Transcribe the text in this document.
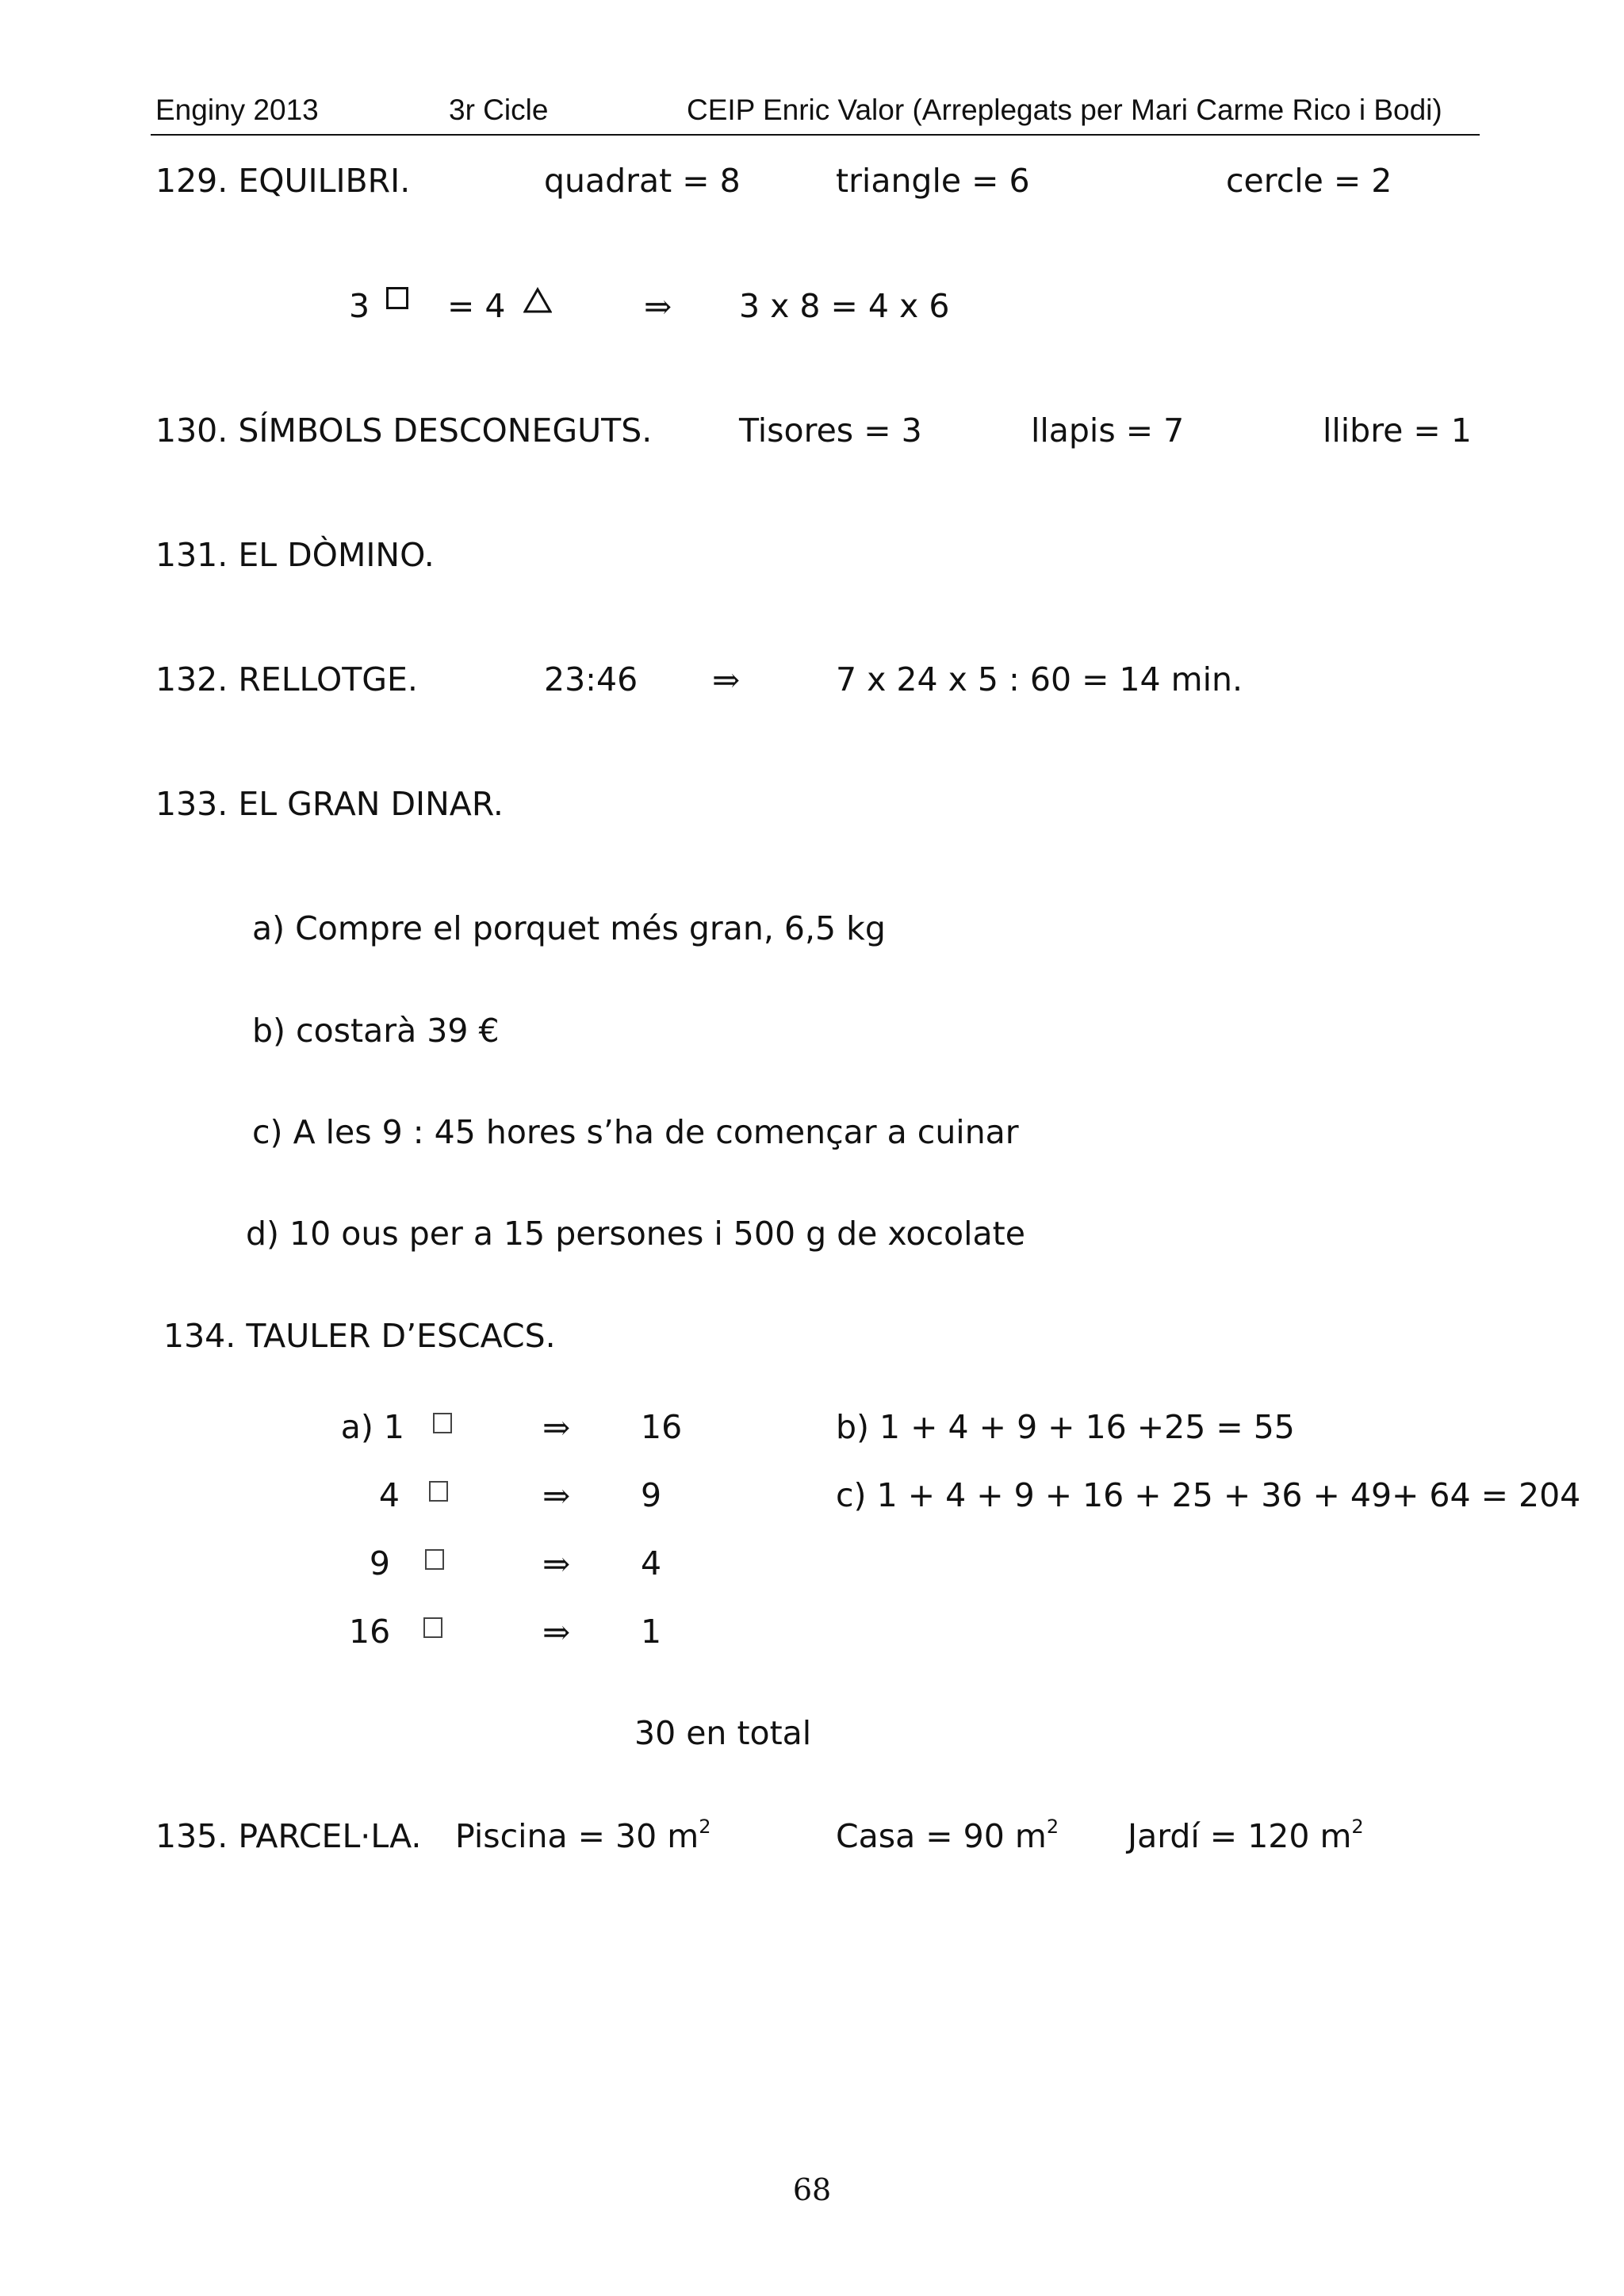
Enginy 2013	3r Cicle	CEIP Enric Valor (Arreplegats per Mari Carme Rico i Bodi)
129. EQUILIBRI.	quadrat = 8	triangle = 6	cercle = 2
3 = 4	⇒ 3 x 8 = 4 x 6
130. SÍMBOLS DESCONEGUTS.	Tisores = 3	llapis = 7	llibre = 1
131. EL DÒMINO.
132. RELLOTGE.	23:46 ⇒	7 x 24 x 5 : 60 = 14 min.
133. EL GRAN DINAR.
a) Compre el porquet més gran, 6,5 kg
b) costarà 39 €
c) A les 9 : 45 hores s’ha de començar a cuinar
d) 10 ous per a 15 persones i 500 g de xocolate
134. TAULER D’ESCACS.
a) 1	⇒ 16
4	⇒ 9
9	⇒ 4
16	⇒ 1
b) 1 + 4 + 9 + 16 +25 = 55
c) 1 + 4 + 9 + 16 + 25 + 36 + 49+ 64 = 204
30 en total
135. PARCEL·LA. Piscina = 30 $m^2$	Casa = 90 $m^2$ Jardí = 120 $m^2$
68
